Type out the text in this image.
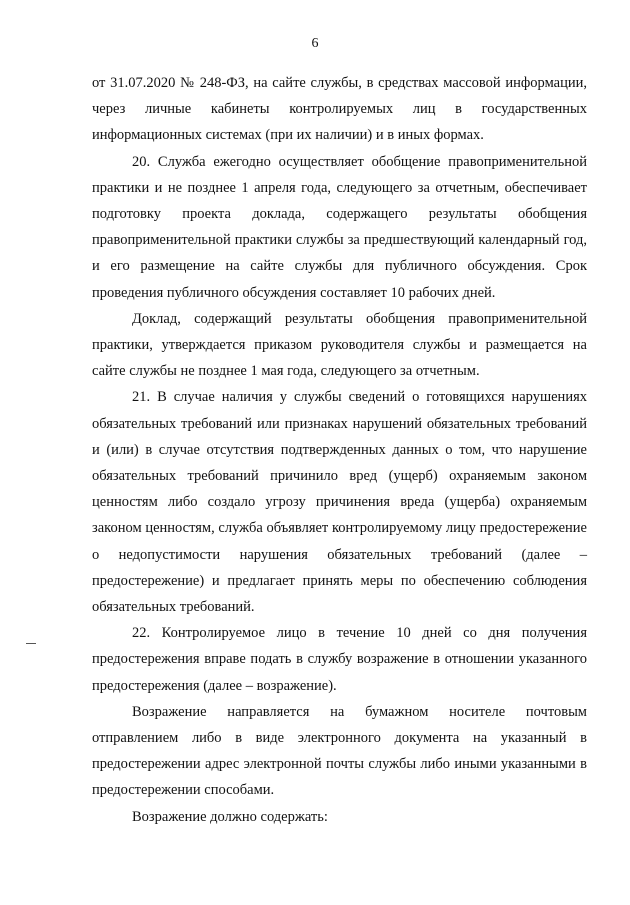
6

от 31.07.2020 № 248-ФЗ, на сайте службы, в средствах массовой информации, через личные кабинеты контролируемых лиц в государственных информационных системах (при их наличии) и в иных формах.

20. Служба ежегодно осуществляет обобщение правоприменительной практики и не позднее 1 апреля года, следующего за отчетным, обеспечивает подготовку проекта доклада, содержащего результаты обобщения правоприменительной практики службы за предшествующий календарный год, и его размещение на сайте службы для публичного обсуждения. Срок проведения публичного обсуждения составляет 10 рабочих дней.

Доклад, содержащий результаты обобщения правоприменительной практики, утверждается приказом руководителя службы и размещается на сайте службы не позднее 1 мая года, следующего за отчетным.

21. В случае наличия у службы сведений о готовящихся нарушениях обязательных требований или признаках нарушений обязательных требований и (или) в случае отсутствия подтвержденных данных о том, что нарушение обязательных требований причинило вред (ущерб) охраняемым законом ценностям либо создало угрозу причинения вреда (ущерба) охраняемым законом ценностям, служба объявляет контролируемому лицу предостережение о недопустимости нарушения обязательных требований (далее – предостережение) и предлагает принять меры по обеспечению соблюдения обязательных требований.

22. Контролируемое лицо в течение 10 дней со дня получения предостережения вправе подать в службу возражение в отношении указанного предостережения (далее – возражение).

Возражение направляется на бумажном носителе почтовым отправлением либо в виде электронного документа на указанный в предостережении адрес электронной почты службы либо иными указанными в предостережении способами.

Возражение должно содержать:
